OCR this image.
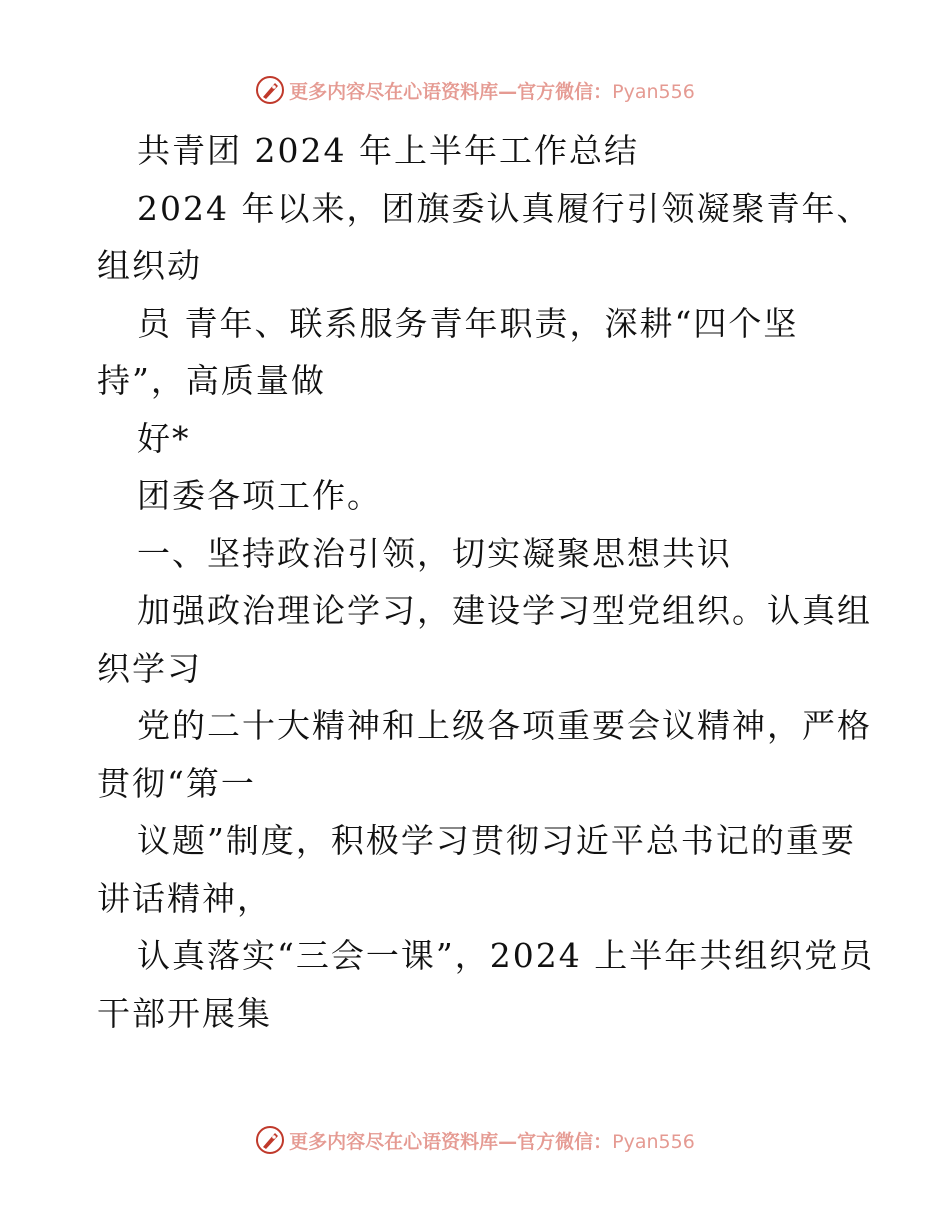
更多内容尽在心语资料库—官方微信：Pyan556
共青团 2024 年上半年工作总结
2024 年以来，团旗委认真履行引领凝聚青年、
组织动
员 青年、联系服务青年职责，深耕“四个坚
持”，高质量做
好*
团委各项工作。
一、坚持政治引领，切实凝聚思想共识
加强政治理论学习，建设学习型党组织。认真组
织学习
党的二十大精神和上级各项重要会议精神，严格
贯彻“第一
议题”制度，积极学习贯彻习近平总书记的重要
讲话精神，
认真落实“三会一课”，2024 上半年共组织党员
干部开展集
更多内容尽在心语资料库—官方微信：Pyan556
